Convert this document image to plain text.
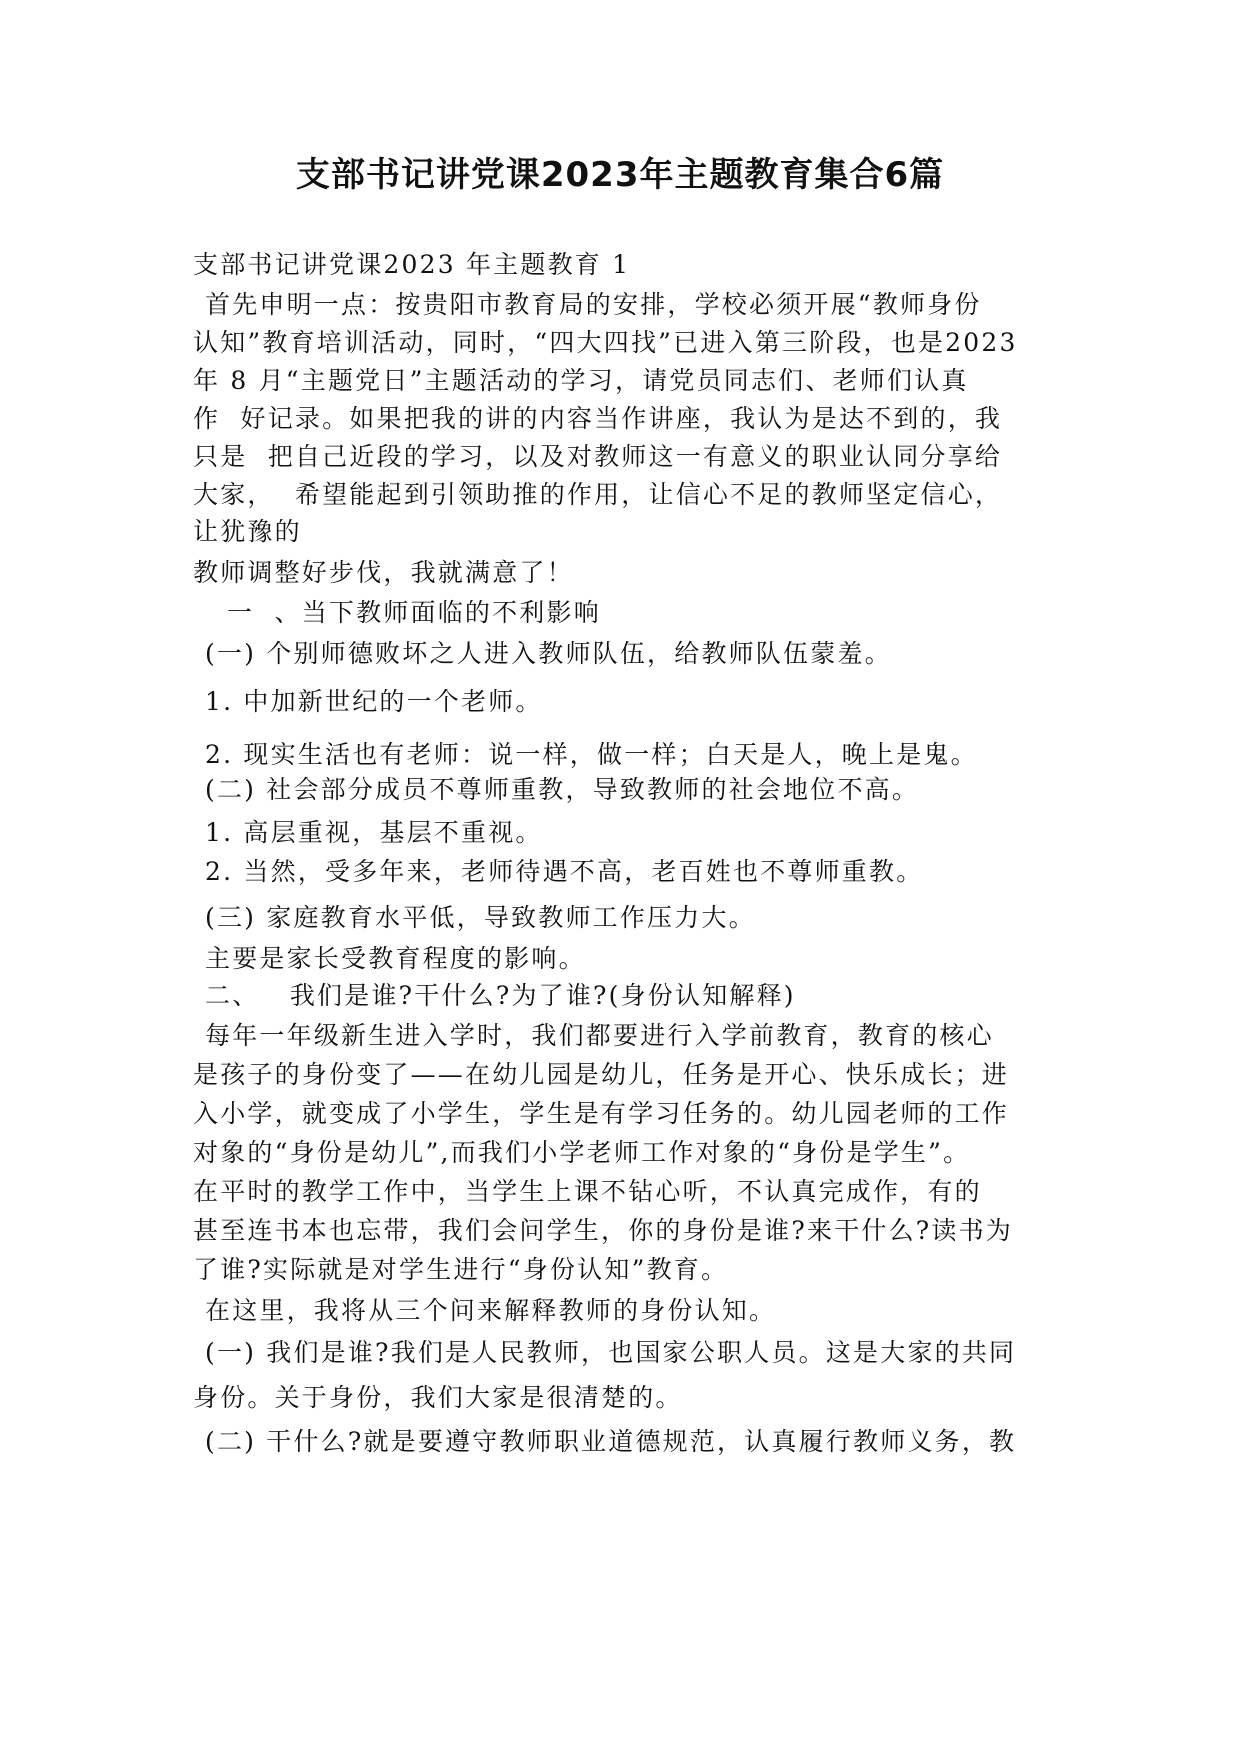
支部书记讲党课2023年主题教育集合6篇
支部书记讲党课2023 年主题教育 1
首先申明一点：按贵阳市教育局的安排，学校必须开展“教师身份
认知”教育培训活动，同时，“四大四找”已进入第三阶段，也是2023
年 8 月“主题党日”主题活动的学习，请党员同志们、老师们认真
作  好记录。如果把我的讲的内容当作讲座，我认为是达不到的，我
只是  把自己近段的学习，以及对教师这一有意义的职业认同分享给
大家，  希望能起到引领助推的作用，让信心不足的教师坚定信心，
让犹豫的
教师调整好步伐，我就满意了！
一  、当下教师面临的不利影响
(一) 个别师德败坏之人进入教师队伍，给教师队伍蒙羞。
1. 中加新世纪的一个老师。
2. 现实生活也有老师：说一样，做一样；白天是人，晚上是鬼。
(二) 社会部分成员不尊师重教，导致教师的社会地位不高。
1. 高层重视，基层不重视。
2. 当然，受多年来，老师待遇不高，老百姓也不尊师重教。
(三) 家庭教育水平低，导致教师工作压力大。
主要是家长受教育程度的影响。
二、   我们是谁?干什么?为了谁?(身份认知解释)
每年一年级新生进入学时，我们都要进行入学前教育，教育的核心
是孩子的身份变了——在幼儿园是幼儿，任务是开心、快乐成长；进
入小学，就变成了小学生，学生是有学习任务的。幼儿园老师的工作
对象的“身份是幼儿”,而我们小学老师工作对象的“身份是学生”。
在平时的教学工作中，当学生上课不钻心听，不认真完成作，有的
甚至连书本也忘带，我们会问学生，你的身份是谁?来干什么?读书为
了谁?实际就是对学生进行“身份认知”教育。
在这里，我将从三个问来解释教师的身份认知。
(一) 我们是谁?我们是人民教师，也国家公职人员。这是大家的共同
身份。关于身份，我们大家是很清楚的。
(二) 干什么?就是要遵守教师职业道德规范，认真履行教师义务，教
